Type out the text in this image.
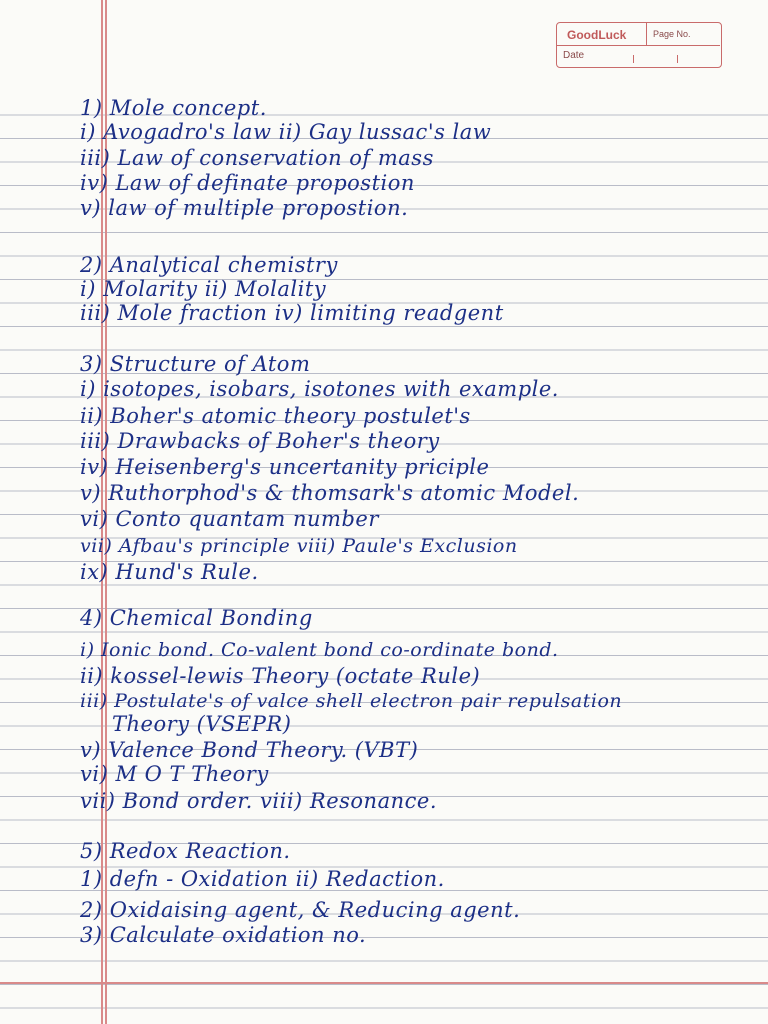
GoodLuck	Page No.
Date
1) Mole concept.
i) Avogadro's law ii) Gay lussac's law
iii) Law of conservation of mass
iv) Law of definate propostion
v) law of multiple propostion.
2) Analytical chemistry
i) Molarity ii) Molality
iii) Mole fraction iv) limiting readgent
3) Structure of Atom
i) isotopes, isobars, isotones with example.
ii) Boher's atomic theory postulet's
iii) Drawbacks of Boher's theory
iv) Heisenberg's uncertanity priciple
v) Ruthorphod's & thomsark's atomic Model.
vi) Conto quantam number
vii) Afbau's principle viii) Paule's Exclusion
ix) Hund's Rule.
4) Chemical Bonding
i) Ionic bond. Co-valent bond co-ordinate bond.
ii) kossel-lewis Theory (octate Rule)
iii) Postulate's of valce shell electron pair repulsation
Theory (VSEPR)
v) Valence Bond Theory. (VBT)
vi) M O T Theory
vii) Bond order. viii) Resonance.
5) Redox Reaction.
1) defn - Oxidation ii) Redaction.
2) Oxidaising agent, & Reducing agent.
3) Calculate oxidation no.
